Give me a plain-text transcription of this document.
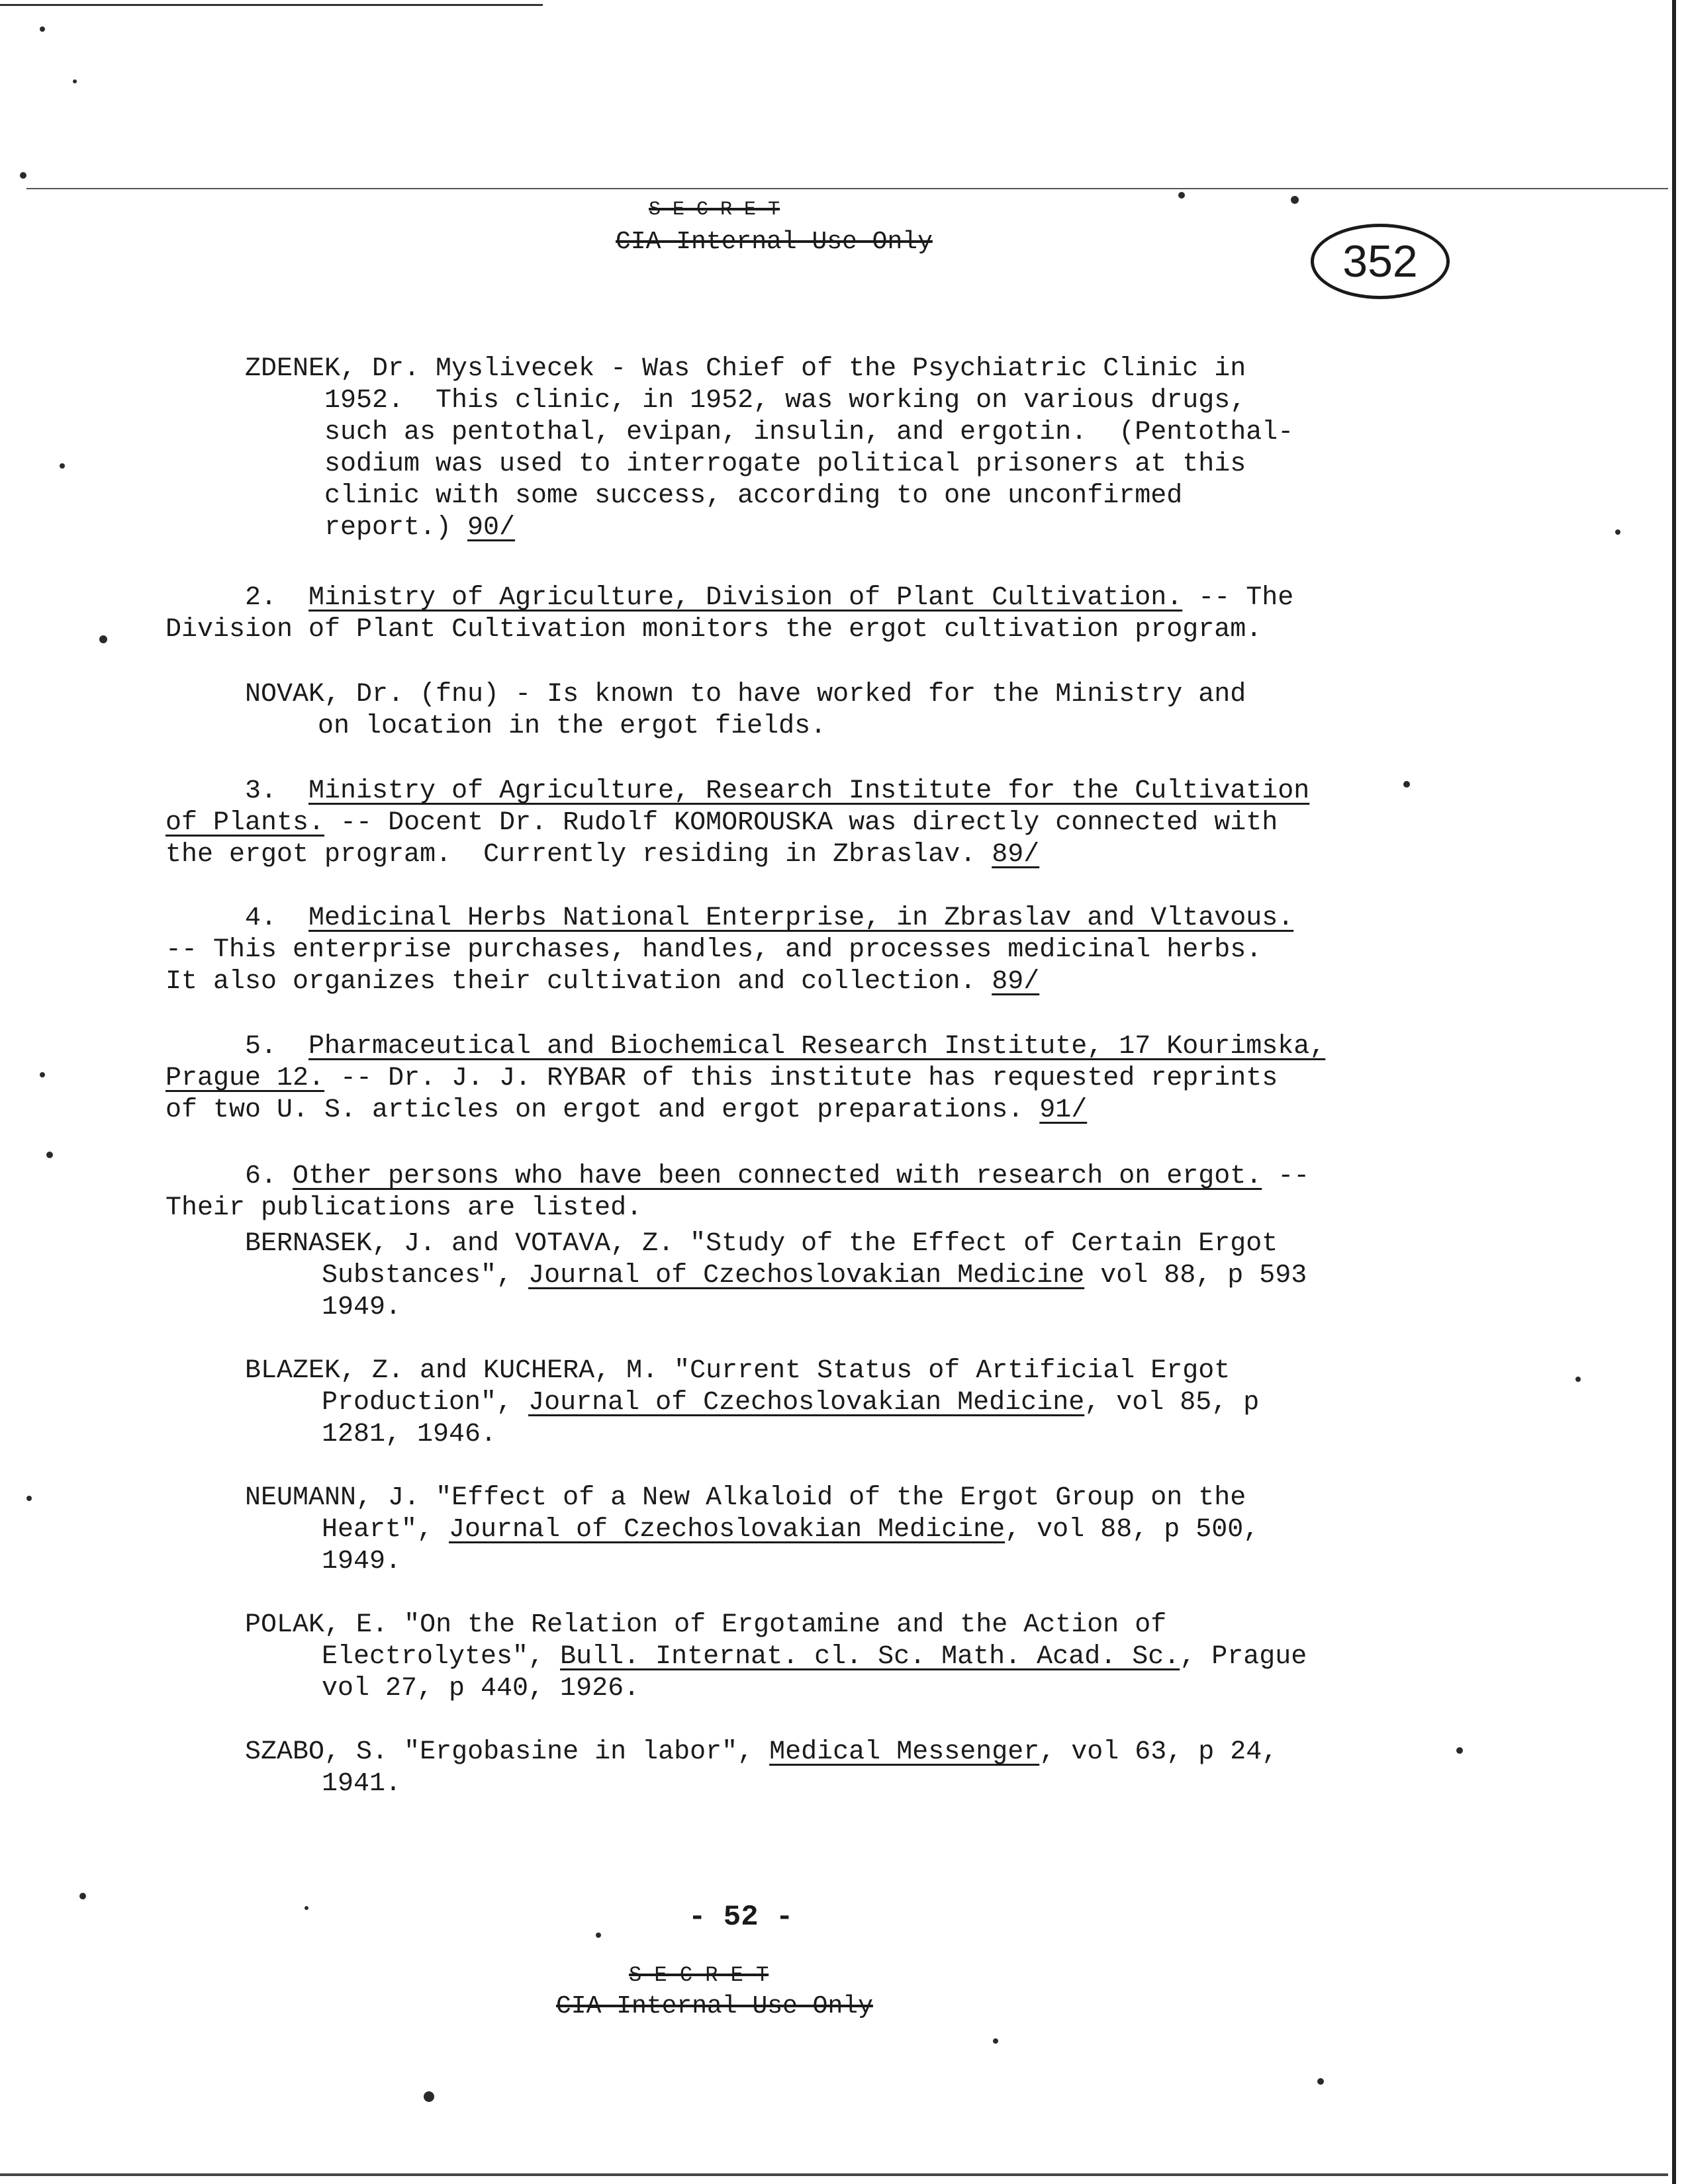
S-E-C-R-E-T
CIA Internal Use Only	352

ZDENEK, Dr. Myslivecek - Was Chief of the Psychiatric Clinic in
1952.  This clinic, in 1952, was working on various drugs,
such as pentothal, evipan, insulin, and ergotin.  (Pentothal-
sodium was used to interrogate political prisoners at this
clinic with some success, according to one unconfirmed
report.) 90/

2. Ministry of Agriculture, Division of Plant Cultivation. -- The
Division of Plant Cultivation monitors the ergot cultivation program.

NOVAK, Dr. (fnu) - Is known to have worked for the Ministry and
on location in the ergot fields.

3. Ministry of Agriculture, Research Institute for the Cultivation
of Plants. -- Docent Dr. Rudolf KOMOROUSKA was directly connected with
the ergot program.  Currently residing in Zbraslav. 89/

4. Medicinal Herbs National Enterprise, in Zbraslav and Vltavous.
-- This enterprise purchases, handles, and processes medicinal herbs.
It also organizes their cultivation and collection. 89/

5. Pharmaceutical and Biochemical Research Institute, 17 Kourimska,
Prague 12. -- Dr. J. J. RYBAR of this institute has requested reprints
of two U. S. articles on ergot and ergot preparations. 91/

6. Other persons who have been connected with research on ergot. --
Their publications are listed.
BERNASEK, J. and VOTAVA, Z. "Study of the Effect of Certain Ergot Substances", Journal of Czechoslovakian Medicine vol 88, p 593 1949.
BLAZEK, Z. and KUCHERA, M. "Current Status of Artificial Ergot Production", Journal of Czechoslovakian Medicine, vol 85, p 1281, 1946.
NEUMANN, J. "Effect of a New Alkaloid of the Ergot Group on the Heart", Journal of Czechoslovakian Medicine, vol 88, p 500, 1949.
POLAK, E. "On the Relation of Ergotamine and the Action of Electrolytes", Bull. Internat. cl. Sc. Math. Acad. Sc., Prague vol 27, p 440, 1926.
SZABO, S. "Ergobasine in labor", Medical Messenger, vol 63, p 24, 1941.
- 52 -
S-E-C-R-E-T
CIA Internal Use Only
